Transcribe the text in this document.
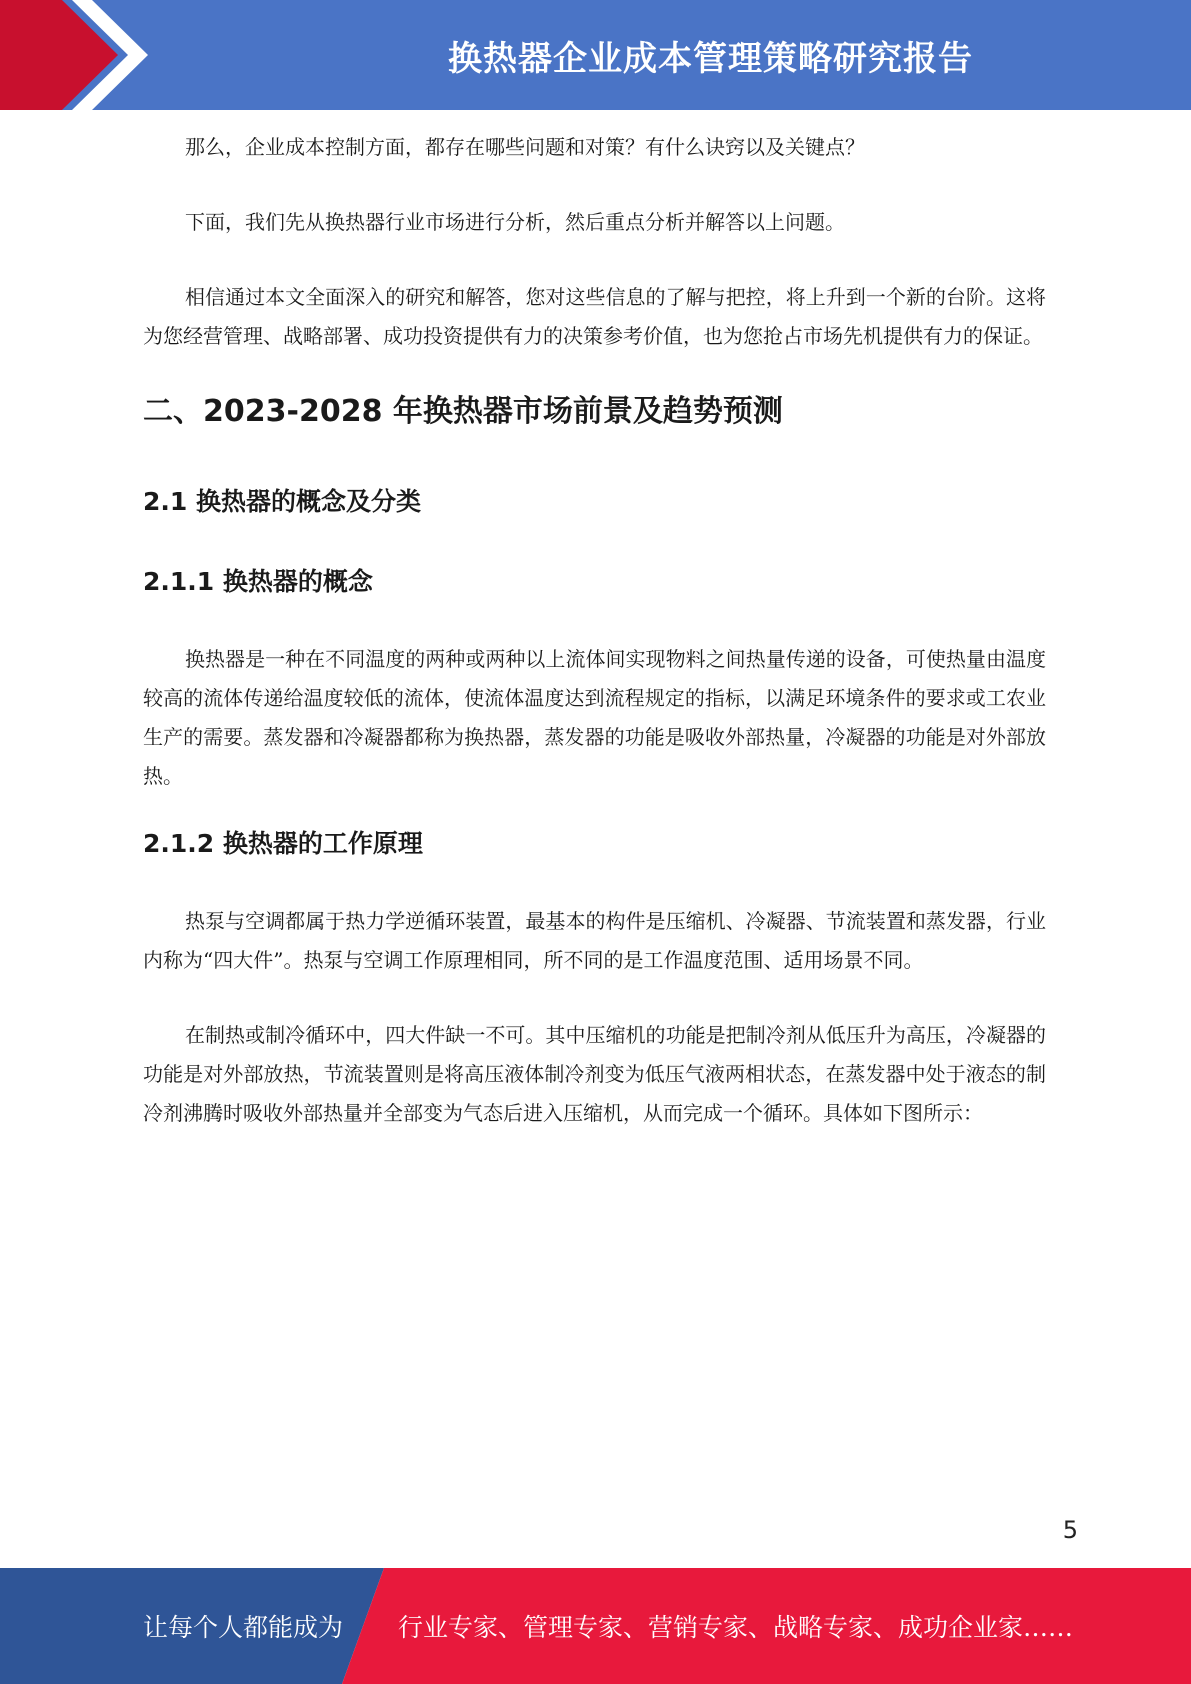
换热器企业成本管理策略研究报告

那么，企业成本控制方面，都存在哪些问题和对策？有什么诀窍以及关键点？

下面，我们先从换热器行业市场进行分析，然后重点分析并解答以上问题。

相信通过本文全面深入的研究和解答，您对这些信息的了解与把控，将上升到一个新的台阶。这将为您经营管理、战略部署、成功投资提供有力的决策参考价值，也为您抢占市场先机提供有力的保证。

二、2023-2028 年换热器市场前景及趋势预测
2.1 换热器的概念及分类
2.1.1 换热器的概念

换热器是一种在不同温度的两种或两种以上流体间实现物料之间热量传递的设备，可使热量由温度较高的流体传递给温度较低的流体，使流体温度达到流程规定的指标，以满足环境条件的要求或工农业生产的需要。蒸发器和冷凝器都称为换热器，蒸发器的功能是吸收外部热量，冷凝器的功能是对外部放热。

2.1.2 换热器的工作原理

热泵与空调都属于热力学逆循环装置，最基本的构件是压缩机、冷凝器、节流装置和蒸发器，行业内称为“四大件”。热泵与空调工作原理相同，所不同的是工作温度范围、适用场景不同。

在制热或制冷循环中，四大件缺一不可。其中压缩机的功能是把制冷剂从低压升为高压，冷凝器的功能是对外部放热，节流装置则是将高压液体制冷剂变为低压气液两相状态，在蒸发器中处于液态的制冷剂沸腾时吸收外部热量并全部变为气态后进入压缩机，从而完成一个循环。具体如下图所示：

5
让每个人都能成为 行业专家、管理专家、营销专家、战略专家、成功企业家……
